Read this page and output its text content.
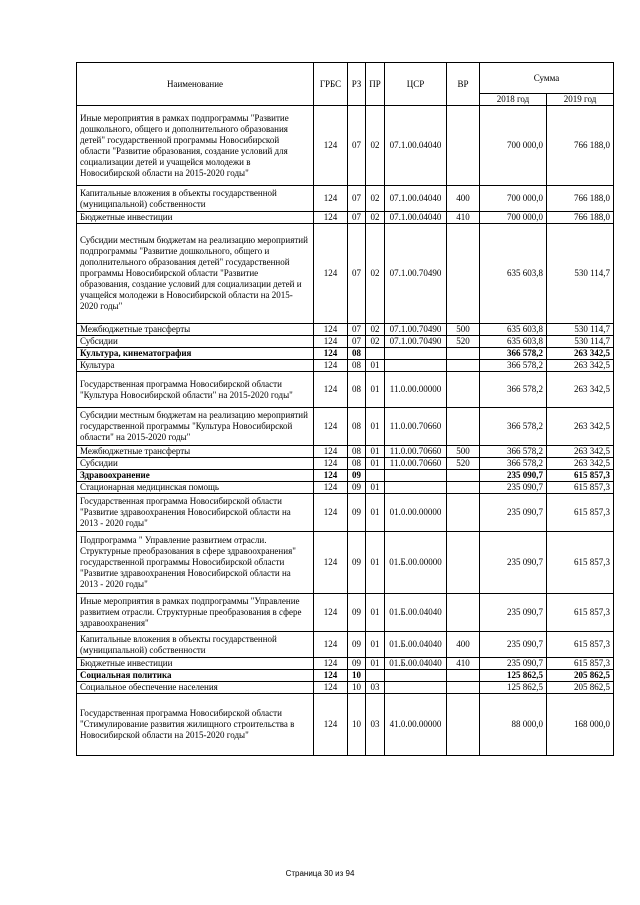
Наименование	ГРБС	РЗ	ПР	ЦСР	ВР	Сумма	
						2018 год	2019 год
Иные мероприятия в рамках подпрограммы "Развитие дошкольного, общего и дополнительного образования детей" государственной программы Новосибирской области "Развитие образования, создание условий для социализации детей и учащейся молодежи в Новосибирской области на 2015-2020 годы"	124	07	02	07.1.00.04040		700 000,0	766 188,0
Капитальные вложения в объекты государственной (муниципальной) собственности	124	07	02	07.1.00.04040	400	700 000,0	766 188,0
Бюджетные инвестиции	124	07	02	07.1.00.04040	410	700 000,0	766 188,0
Субсидии местным бюджетам на реализацию мероприятий подпрограммы "Развитие дошкольного, общего и дополнительного образования детей" государственной программы Новосибирской области "Развитие образования, создание условий для социализации детей и учащейся молодежи в Новосибирской области на 2015-2020 годы"	124	07	02	07.1.00.70490		635 603,8	530 114,7
Межбюджетные трансферты	124	07	02	07.1.00.70490	500	635 603,8	530 114,7
Субсидии	124	07	02	07.1.00.70490	520	635 603,8	530 114,7
Культура, кинематография	124	08				366 578,2	263 342,5
Культура	124	08	01			366 578,2	263 342,5
Государственная программа Новосибирской области "Культура Новосибирской области" на 2015-2020 годы"	124	08	01	11.0.00.00000		366 578,2	263 342,5
Субсидии местным бюджетам на реализацию мероприятий государственной программы "Культура Новосибирской области" на 2015-2020 годы"	124	08	01	11.0.00.70660		366 578,2	263 342,5
Межбюджетные трансферты	124	08	01	11.0.00.70660	500	366 578,2	263 342,5
Субсидии	124	08	01	11.0.00.70660	520	366 578,2	263 342,5
Здравоохранение	124	09				235 090,7	615 857,3
Стационарная медицинская помощь	124	09	01			235 090,7	615 857,3
Государственная программа Новосибирской области "Развитие здравоохранения Новосибирской области на 2013 - 2020 годы"	124	09	01	01.0.00.00000		235 090,7	615 857,3
Подпрограмма " Управление развитием отрасли. Структурные преобразования в сфере здравоохранения" государственной программы Новосибирской области "Развитие здравоохранения Новосибирской области на 2013 - 2020 годы"	124	09	01	01.Б.00.00000		235 090,7	615 857,3
Иные мероприятия в рамках подпрограммы "Управление развитием отрасли. Структурные преобразования в сфере здравоохранения"	124	09	01	01.Б.00.04040		235 090,7	615 857,3
Капитальные вложения в объекты государственной (муниципальной) собственности	124	09	01	01.Б.00.04040	400	235 090,7	615 857,3
Бюджетные инвестиции	124	09	01	01.Б.00.04040	410	235 090,7	615 857,3
Социальная политика	124	10				125 862,5	205 862,5
Социальное обеспечение населения	124	10	03			125 862,5	205 862,5
Государственная программа Новосибирской области "Стимулирование развития жилищного строительства в Новосибирской области на 2015-2020 годы"	124	10	03	41.0.00.00000		88 000,0	168 000,0
Страница 30 из 94
